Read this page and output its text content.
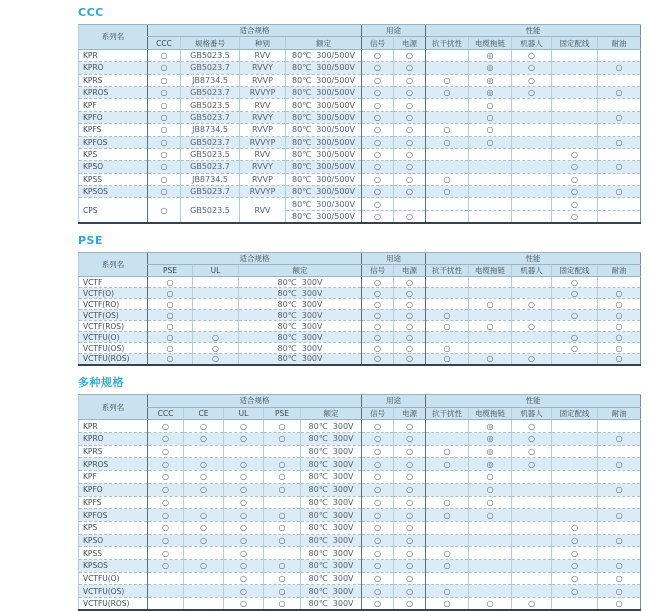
CCC
系列名	适合规格				用途		性能				
	CCC	规格番号	种别	额定	信号	电源	抗干扰性	电缆拖链	机器人	固定配线	耐油
KPR	○	GB5023.5	RVV	80℃  300/500V	○	○		◎	○		
KPRO	○	GB5023.7	RVVY	80℃  300/500V	○	○		◎	○		○
KPRS	○	JB8734.5	RVVP	80℃  300/500V	○	○	○	◎	○		
KPROS	○	GB5023.7	RVVYP	80℃  300/500V	○	○	○	◎	○		○
KPF	○	GB5023.5	RVV	80℃  300/500V	○	○		○			
KPFO	○	GB5023.7	RVVY	80℃  300/500V	○	○		○			○
KPFS	○	JB8734.5	RVVP	80℃  300/500V	○	○	○	○			
KPFOS	○	GB5023.7	RVVYP	80℃  300/500V	○	○	○	○			○
KPS	○	GB5023.5	RVV	80℃  300/500V	○	○				○	
KPSO	○	GB5023.7	RVVY	80℃  300/500V	○	○				○	○
KPSS	○	JB8734.5	RVVP	80℃  300/500V	○	○	○			○	
KPSOS	○	GB5023.7	RVVYP	80℃  300/500V	○	○	○			○	○
CPS	○	GB5023.5	RVV	80℃  300/300V	○					○	
				80℃  300/500V	○	○				○	
PSE
系列名	适合规格			用途		性能				
	PSE	UL	额定	信号	电源	抗干扰性	电缆拖链	机器人	固定配线	耐油
VCTF	○		80℃  300V	○	○				○	
VCTF(O)	○		80℃  300V	○	○				○	○
VCTF(RO)	○		80℃  300V	○	○		○	○		○
VCTF(OS)	○		80℃  300V	○	○	○			○	○
VCTF(ROS)	○		80℃  300V	○	○	○	○	○		○
VCTFU(O)	○	○	80℃  300V	○	○				○	○
VCTFU(OS)	○	○	80℃  300V	○	○	○			○	○
VCTFU(ROS)	○	○	80℃  300V	○	○	○	○	○		○
多种规格
系列名	适合规格					用途		性能				
	CCC	CE	UL	PSE	额定	信号	电源	抗干扰性	电缆拖链	机器人	固定配线	耐油
KPR	○	○	○	○	80℃  300V	○	○		◎	○		
KPRO	○	○	○	○	80℃  300V	○	○		◎	○		○
KPRS	○				80℃  300V	○	○	○	◎	○		
KPROS	○	○	○	○	80℃  300V	○	○	○	◎	○		○
KPF	○	○	○	○	80℃  300V	○	○		○			
KPFO	○	○	○	○	80℃  300V	○	○		○			○
KPFS	○		○		80℃  300V	○	○	○	○			
KPFOS	○	○	○	○	80℃  300V	○	○	○	○			○
KPS	○	○	○	○	80℃  300V	○	○				○	
KPSO	○	○	○	○	80℃  300V	○	○				○	○
KPSS	○		○		80℃  300V	○	○	○			○	
KPSOS	○	○	○	○	80℃  300V	○	○	○			○	○
VCTFU(O)			○	○	80℃  300V	○	○				○	○
VCTFU(OS)			○	○	80℃  300V	○	○	○			○	○
VCTFU(ROS)			○	○	80℃  300V	○	○	○	○	○		○
